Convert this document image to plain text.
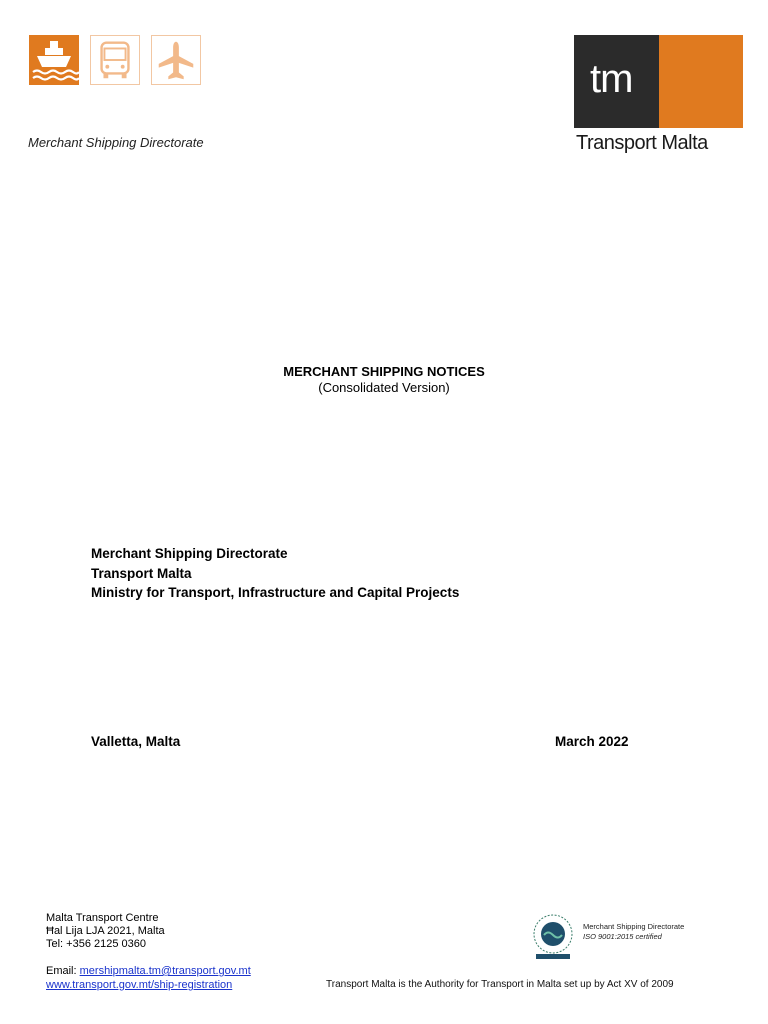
Merchant Shipping Directorate
tm
Transport Malta
MERCHANT SHIPPING NOTICES
(Consolidated Version)
Merchant Shipping Directorate
Transport Malta
Ministry for Transport, Infrastructure and Capital Projects
Valletta, Malta	March 2022
Malta Transport Centre
Ħal Lija LJA 2021, Malta
Tel: +356 2125 0360
Email: mershipmalta.tm@transport.gov.mt
www.transport.gov.mt/ship-registration
Merchant Shipping Directorate
ISO 9001:2015 certified
Transport Malta is the Authority for Transport in Malta set up by Act XV of 2009
